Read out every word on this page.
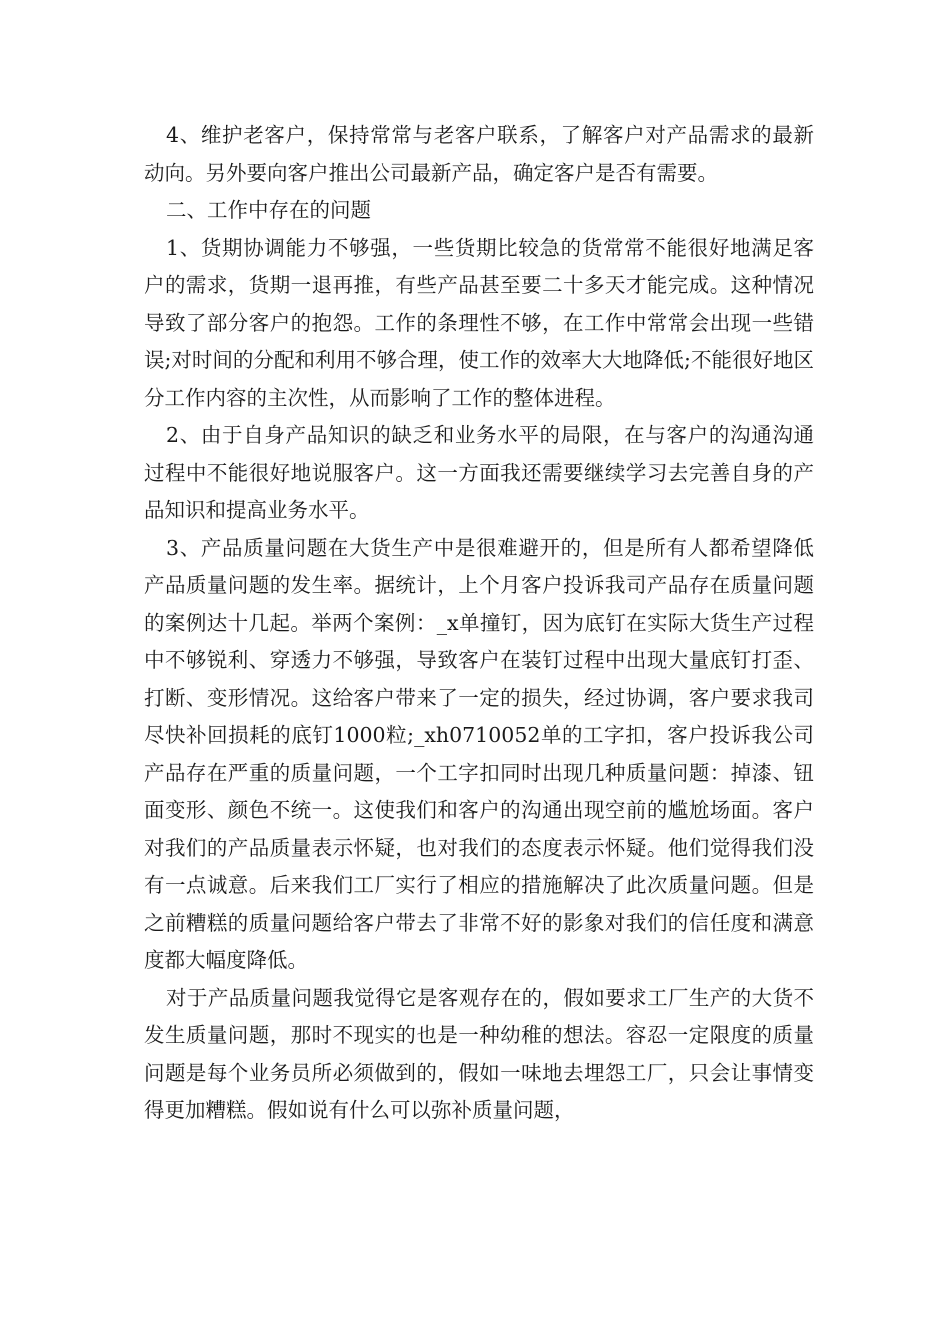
4、维护老客户，保持常常与老客户联系，了解客户对产品需求的最新动向。另外要向客户推出公司最新产品，确定客户是否有需要。

二、工作中存在的问题

1、货期协调能力不够强，一些货期比较急的货常常不能很好地满足客户的需求，货期一退再推，有些产品甚至要二十多天才能完成。这种情况导致了部分客户的抱怨。工作的条理性不够，在工作中常常会出现一些错误;对时间的分配和利用不够合理，使工作的效率大大地降低;不能很好地区分工作内容的主次性，从而影响了工作的整体进程。

2、由于自身产品知识的缺乏和业务水平的局限，在与客户的沟通沟通过程中不能很好地说服客户。这一方面我还需要继续学习去完善自身的产品知识和提高业务水平。

3、产品质量问题在大货生产中是很难避开的，但是所有人都希望降低产品质量问题的发生率。据统计，上个月客户投诉我司产品存在质量问题的案例达十几起。举两个案例：_x单撞钉，因为底钉在实际大货生产过程中不够锐利、穿透力不够强，导致客户在装钉过程中出现大量底钉打歪、打断、变形情况。这给客户带来了一定的损失，经过协调，客户要求我司尽快补回损耗的底钉1000粒;_xh0710052单的工字扣，客户投诉我公司产品存在严重的质量问题，一个工字扣同时出现几种质量问题：掉漆、钮面变形、颜色不统一。这使我们和客户的沟通出现空前的尴尬场面。客户对我们的产品质量表示怀疑，也对我们的态度表示怀疑。他们觉得我们没有一点诚意。后来我们工厂实行了相应的措施解决了此次质量问题。但是之前糟糕的质量问题给客户带去了非常不好的影象对我们的信任度和满意度都大幅度降低。

对于产品质量问题我觉得它是客观存在的，假如要求工厂生产的大货不发生质量问题，那时不现实的也是一种幼稚的想法。容忍一定限度的质量问题是每个业务员所必须做到的，假如一味地去埋怨工厂，只会让事情变得更加糟糕。假如说有什么可以弥补质量问题，
